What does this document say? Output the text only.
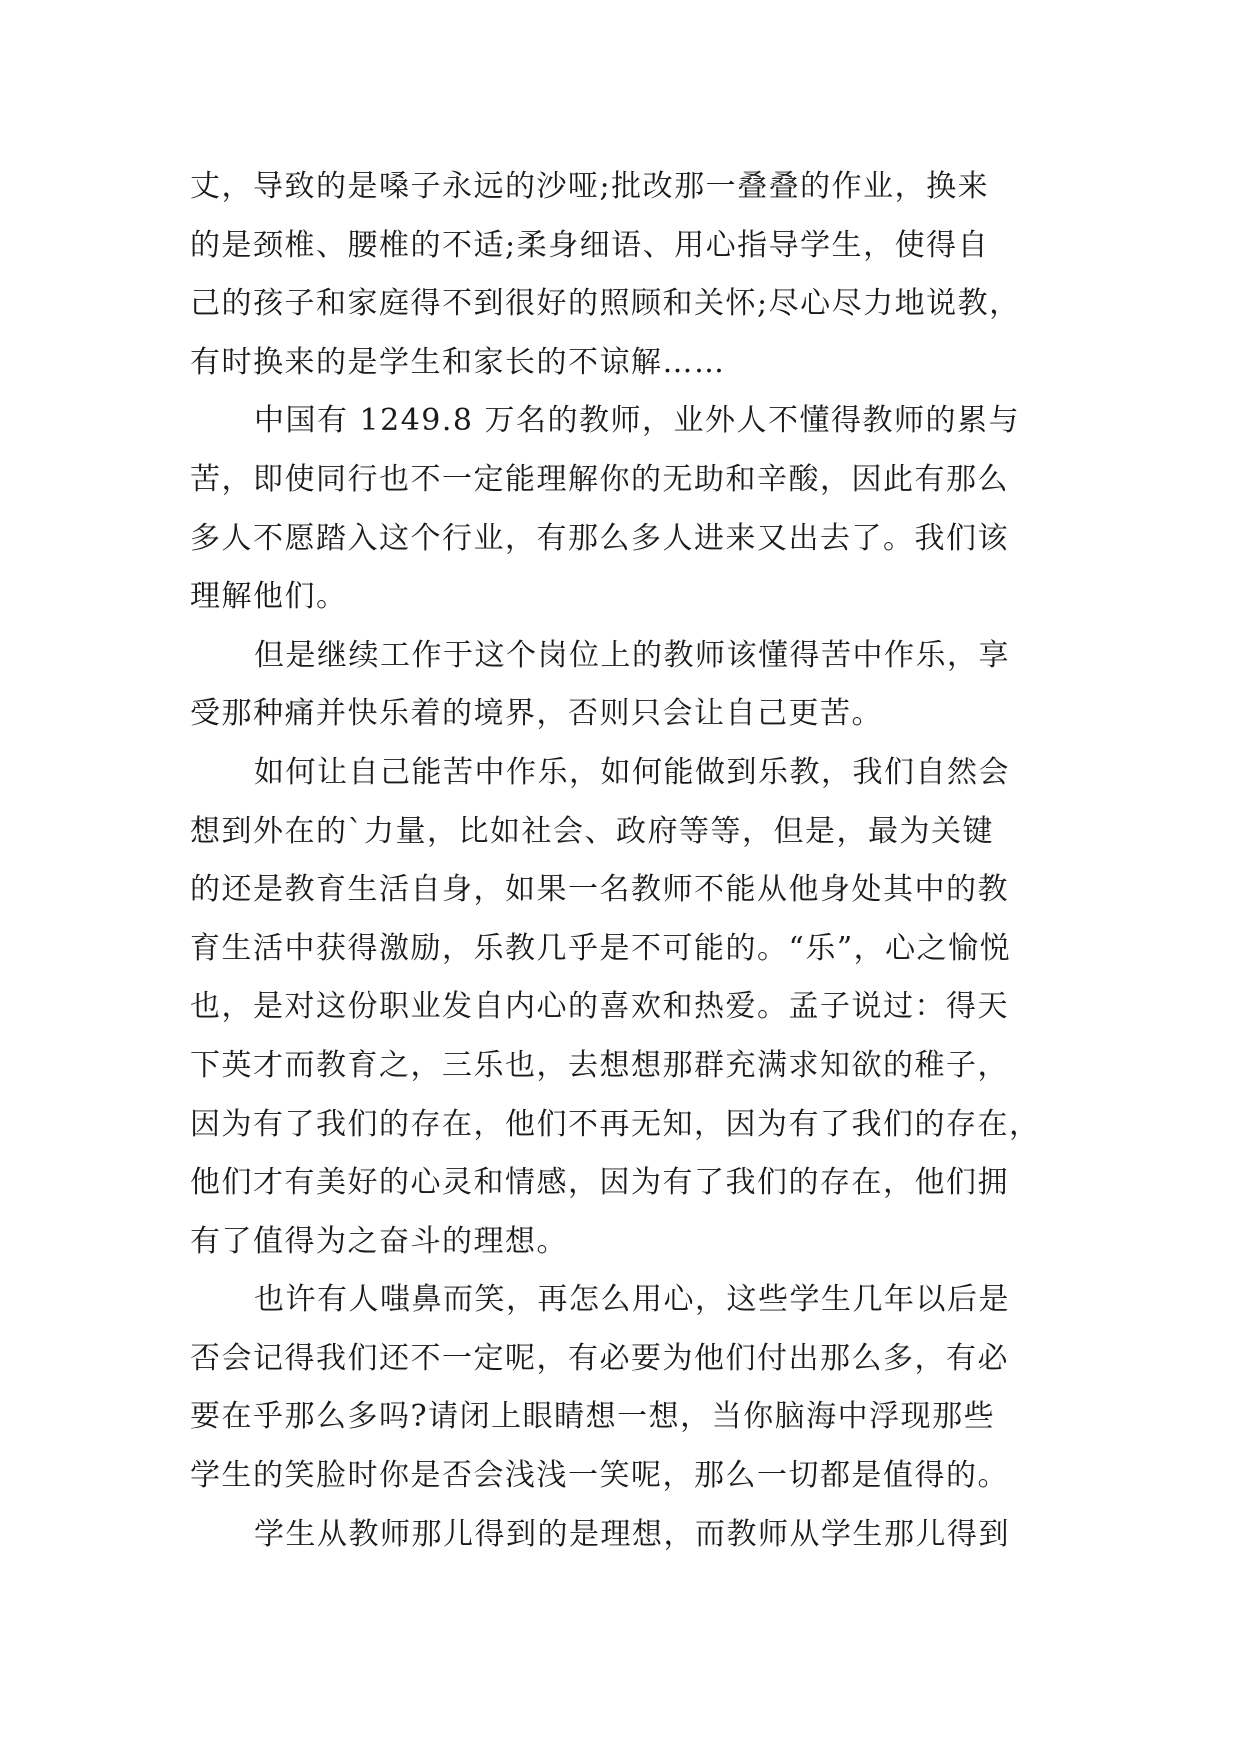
丈，导致的是嗓子永远的沙哑;批改那一叠叠的作业，换来
的是颈椎、腰椎的不适;柔身细语、用心指导学生，使得自
己的孩子和家庭得不到很好的照顾和关怀;尽心尽力地说教，
有时换来的是学生和家长的不谅解……
中国有 1249.8 万名的教师，业外人不懂得教师的累与
苦，即使同行也不一定能理解你的无助和辛酸，因此有那么
多人不愿踏入这个行业，有那么多人进来又出去了。我们该
理解他们。
但是继续工作于这个岗位上的教师该懂得苦中作乐，享
受那种痛并快乐着的境界，否则只会让自己更苦。
如何让自己能苦中作乐，如何能做到乐教，我们自然会
想到外在的`力量，比如社会、政府等等，但是，最为关键
的还是教育生活自身，如果一名教师不能从他身处其中的教
育生活中获得激励，乐教几乎是不可能的。“乐”，心之愉悦
也，是对这份职业发自内心的喜欢和热爱。孟子说过：得天
下英才而教育之，三乐也，去想想那群充满求知欲的稚子，
因为有了我们的存在，他们不再无知，因为有了我们的存在，
他们才有美好的心灵和情感，因为有了我们的存在，他们拥
有了值得为之奋斗的理想。
也许有人嗤鼻而笑，再怎么用心，这些学生几年以后是
否会记得我们还不一定呢，有必要为他们付出那么多，有必
要在乎那么多吗?请闭上眼睛想一想，当你脑海中浮现那些
学生的笑脸时你是否会浅浅一笑呢，那么一切都是值得的。
学生从教师那儿得到的是理想，而教师从学生那儿得到
